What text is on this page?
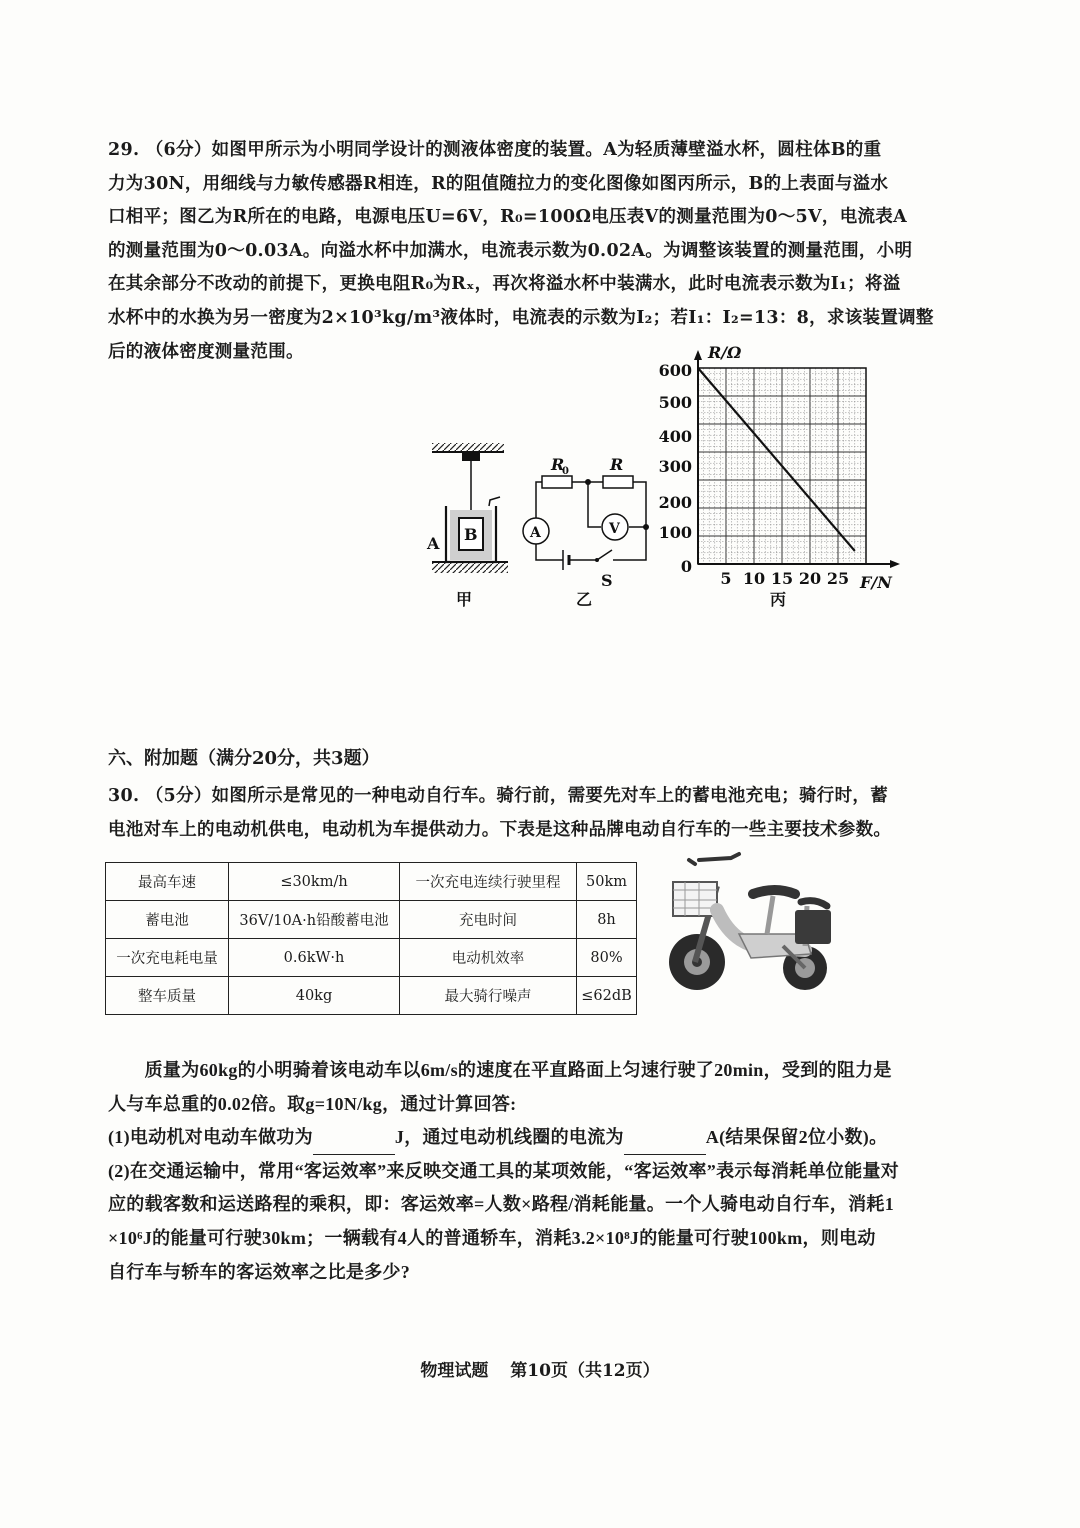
29. （6分）如图甲所示为小明同学设计的测液体密度的装置。A为轻质薄壁溢水杯，圆柱体B的重
力为30N，用细线与力敏传感器R相连，R的阻值随拉力的变化图像如图丙所示，B的上表面与溢水
口相平；图乙为R所在的电路，电源电压U=6V，R₀=100Ω电压表V的测量范围为0～5V，电流表A
的测量范围为0～0.03A。向溢水杯中加满水，电流表示数为0.02A。为调整该装置的测量范围，小明
在其余部分不改动的前提下，更换电阻R₀为Rₓ，再次将溢水杯中装满水，此时电流表示数为I₁；将溢
水杯中的水换为另一密度为2×10³kg/m³液体时，电流表的示数为I₂；若I₁：I₂=13：8，求该装置调整
后的液体密度测量范围。
B
A
甲
V
A
R
0	R
S
乙
R/Ω
F/N
丙
600
500
400
300
200
100
0
5 10 15 20 25
六、附加题（满分20分，共3题）
30. （5分）如图所示是常见的一种电动自行车。骑行前，需要先对车上的蓄电池充电；骑行时，蓄
电池对车上的电动机供电，电动机为车提供动力。下表是这种品牌电动自行车的一些主要技术参数。
最高车速	≤30km/h	一次充电连续行驶里程	50km
蓄电池	36V/10A·h铅酸蓄电池	充电时间	8h
一次充电耗电量	0.6kW·h	电动机效率	80%
整车质量	40kg	最大骑行噪声	≤62dB
　　质量为60kg的小明骑着该电动车以6m/s的速度在平直路面上匀速行驶了20min，受到的阻力是
人与车总重的0.02倍。取g=10N/kg，通过计算回答:
(1)电动机对电动车做功为	J，通过电动机线圈的电流为	A(结果保留2位小数)。
(2)在交通运输中，常用“客运效率”来反映交通工具的某项效能，“客运效率”表示每消耗单位能量对
应的载客数和运送路程的乘积，即：客运效率=人数×路程/消耗能量。一个人骑电动自行车，消耗1
×10⁶J的能量可行驶30km；一辆载有4人的普通轿车，消耗3.2×10⁸J的能量可行驶100km，则电动
自行车与轿车的客运效率之比是多少?
物理试题 第10页（共12页）
